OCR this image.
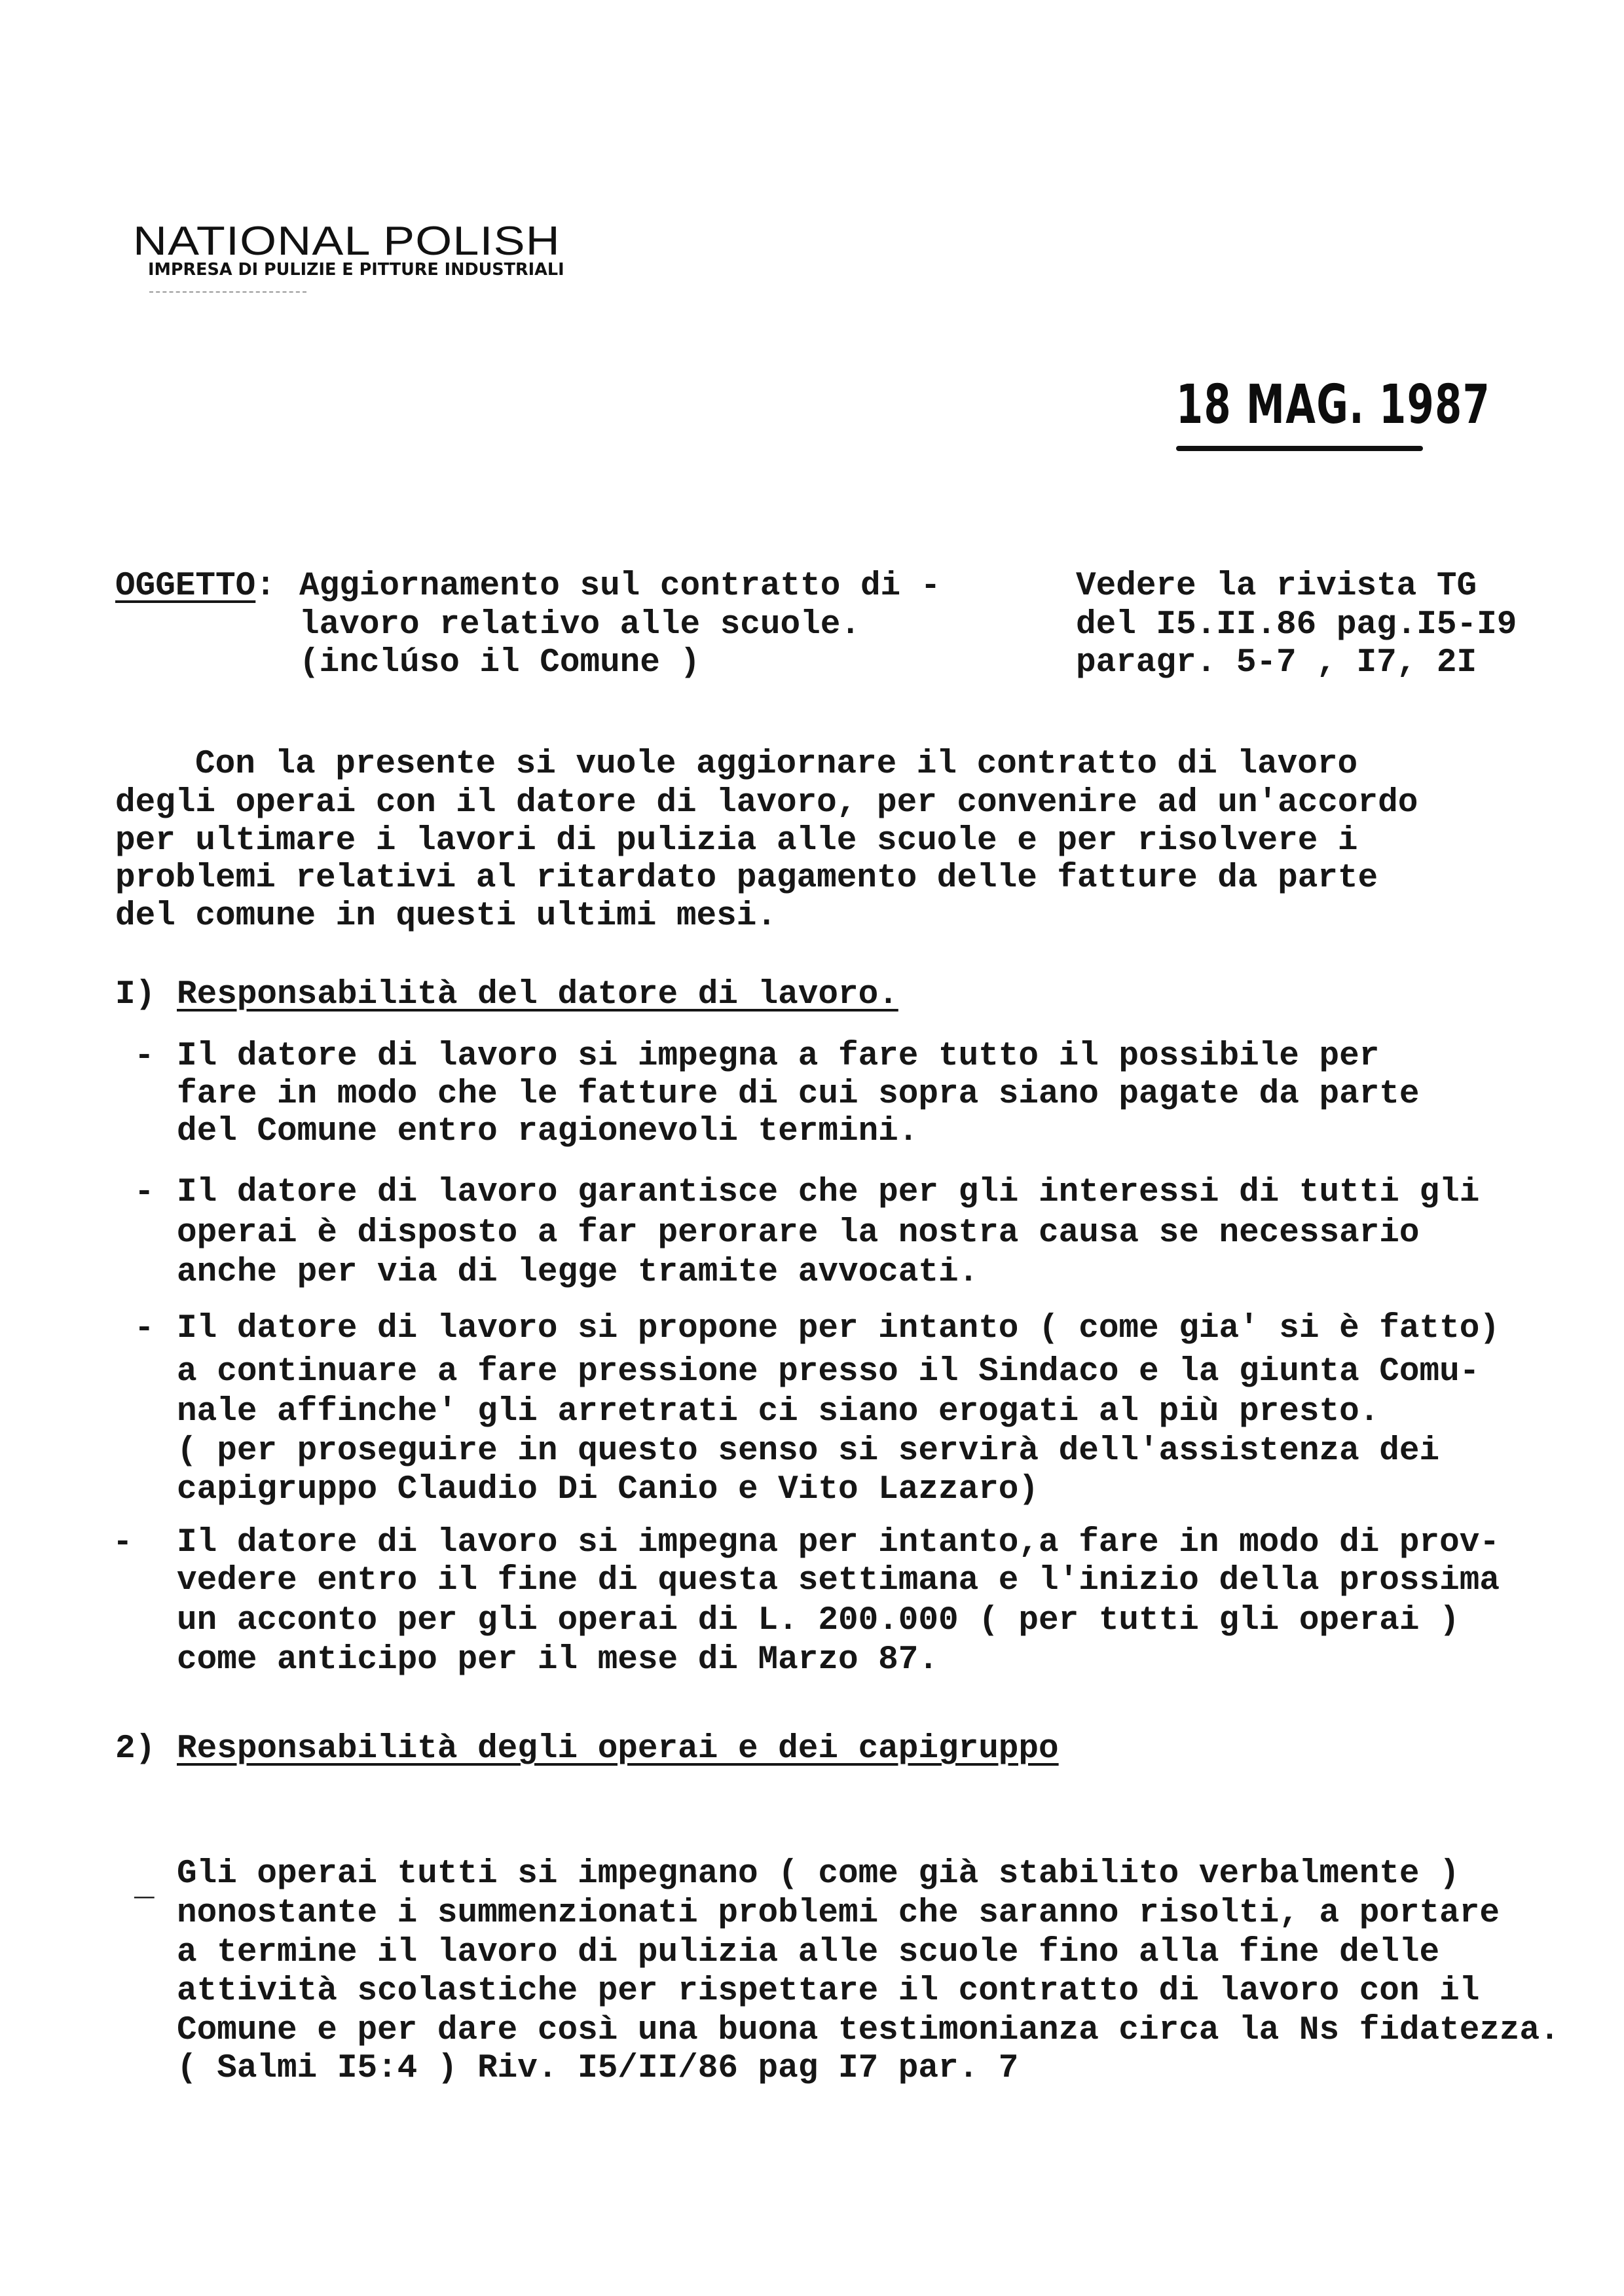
NATIONAL POLISH
IMPRESA DI PULIZIE E PITTURE INDUSTRIALI
18 MAG. 1987
OGGETTO: Aggiornamento sul contratto di -
lavoro relativo alle scuole.
(inclúso il Comune )
Vedere la rivista TG
del I5.II.86 pag.I5-I9
paragr. 5-7 , I7, 2I
Con la presente si vuole aggiornare il contratto di lavoro
degli operai con il datore di lavoro, per convenire ad un'accordo
per ultimare i lavori di pulizia alle scuole e per risolvere i
problemi relativi al ritardato pagamento delle fatture da parte
del comune in questi ultimi mesi.
I) Responsabilità del datore di lavoro.
- Il datore di lavoro si impegna a fare tutto il possibile per
fare in modo che le fatture di cui sopra siano pagate da parte
del Comune entro ragionevoli termini.
- Il datore di lavoro garantisce che per gli interessi di tutti gli
operai è disposto a far perorare la nostra causa se necessario
anche per via di legge tramite avvocati.
- Il datore di lavoro si propone per intanto ( come gia' si è fatto)
a continuare a fare pressione presso il Sindaco e la giunta Comu-
nale affinche' gli arretrati ci siano erogati al più presto.
( per proseguire in questo senso si servirà dell'assistenza dei
capigruppo Claudio Di Canio e Vito Lazzaro)
- Il datore di lavoro si impegna per intanto,a fare in modo di prov-
vedere entro il fine di questa settimana e l'inizio della prossima
un acconto per gli operai di L. 200.000 ( per tutti gli operai )
come anticipo per il mese di Marzo 87.
2) Responsabilità degli operai e dei capigruppo
_ Gli operai tutti si impegnano ( come già stabilito verbalmente )
nonostante i summenzionati problemi che saranno risolti, a portare
a termine il lavoro di pulizia alle scuole fino alla fine delle
attività scolastiche per rispettare il contratto di lavoro con il
Comune e per dare così una buona testimonianza circa la Ns fidatezza.
( Salmi I5:4 ) Riv. I5/II/86 pag I7 par. 7
